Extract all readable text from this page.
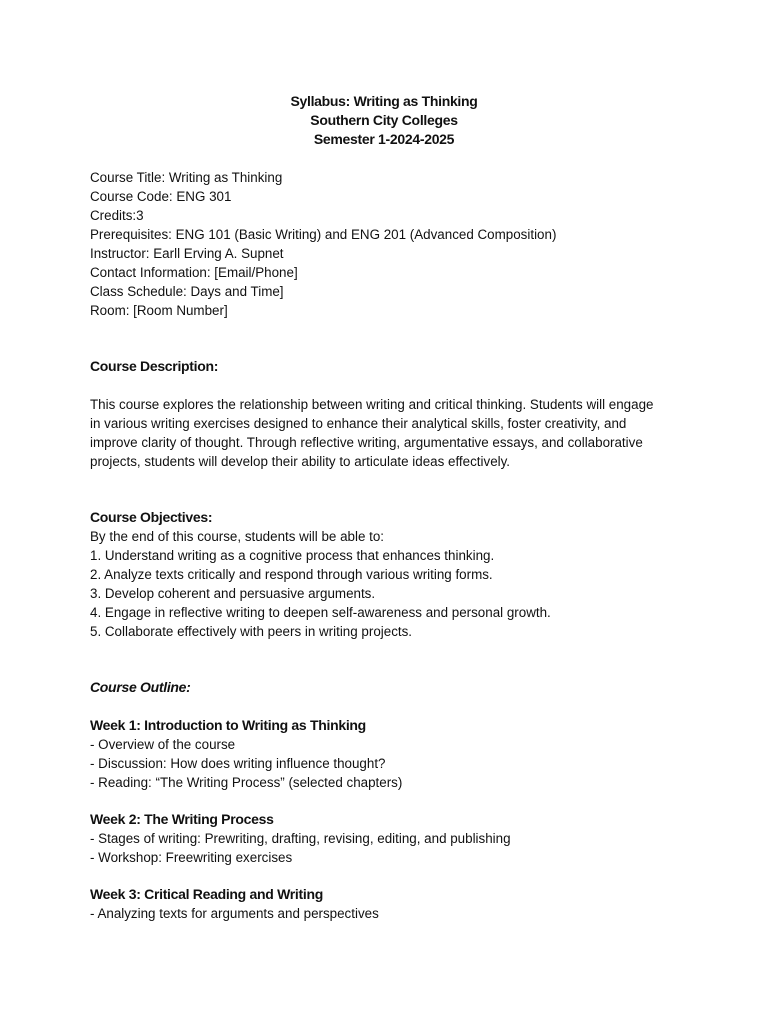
Syllabus: Writing as Thinking
Southern City Colleges
Semester 1-2024-2025
Course Title: Writing as Thinking
Course Code: ENG 301
Credits:3
Prerequisites: ENG 101 (Basic Writing) and ENG 201 (Advanced Composition)
Instructor: Earll Erving A. Supnet
Contact Information: [Email/Phone]
Class Schedule: Days and Time]
Room: [Room Number]
Course Description:
This course explores the relationship between writing and critical thinking. Students will engage
in various writing exercises designed to enhance their analytical skills, foster creativity, and
improve clarity of thought. Through reflective writing, argumentative essays, and collaborative
projects, students will develop their ability to articulate ideas effectively.
Course Objectives:
By the end of this course, students will be able to:
1. Understand writing as a cognitive process that enhances thinking.
2. Analyze texts critically and respond through various writing forms.
3. Develop coherent and persuasive arguments.
4. Engage in reflective writing to deepen self-awareness and personal growth.
5. Collaborate effectively with peers in writing projects.
Course Outline:
Week 1: Introduction to Writing as Thinking
- Overview of the course
- Discussion: How does writing influence thought?
- Reading: “The Writing Process” (selected chapters)
Week 2: The Writing Process
- Stages of writing: Prewriting, drafting, revising, editing, and publishing
- Workshop: Freewriting exercises
Week 3: Critical Reading and Writing
- Analyzing texts for arguments and perspectives
